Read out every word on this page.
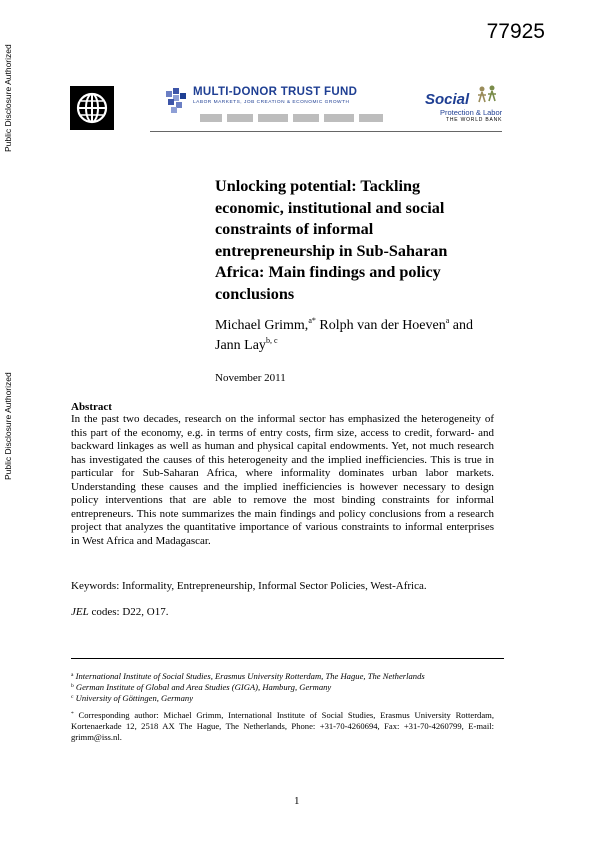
Public Disclosure Authorized
Public Disclosure Authorized
77925
MULTI-DONOR TRUST FUND
LABOR MARKETS, JOB CREATION & ECONOMIC GROWTH	Social
Protection & Labor
THE WORLD BANK
Unlocking potential: Tackling economic, institutional and social constraints of informal entrepreneurship in Sub-Saharan Africa: Main findings and policy conclusions
Michael Grimm,$^{a*}$ Rolph van der Hoeven$^a$ and
Jann Lay$^{b, c}$
November 2011
Abstract
In the past two decades, research on the informal sector has emphasized the heterogeneity of this part of the economy, e.g. in terms of entry costs, firm size, access to credit, forward- and backward linkages as well as human and physical capital endowments. Yet, not much research has investigated the causes of this heterogeneity and the implied inefficiencies. This is true in particular for Sub-Saharan Africa, where informality dominates urban labor markets. Understanding these causes and the implied inefficiencies is however necessary to design policy interventions that are able to remove the most binding constraints for informal entrepreneurs. This note summarizes the main findings and policy conclusions from a research project that analyzes the quantitative importance of various constraints to informal enterprises in West Africa and Madagascar.
Keywords: Informality, Entrepreneurship, Informal Sector Policies, West-Africa.
JEL codes: D22, O17.

$^a$ International Institute of Social Studies, Erasmus University Rotterdam, The Hague, The Netherlands

$^b$ German Institute of Global and Area Studies (GIGA), Hamburg, Germany

$^c$ University of Göttingen, Germany

* Corresponding author: Michael Grimm, International Institute of Social Studies, Erasmus University Rotterdam, Kortenaerkade 12, 2518 AX The Hague, The Netherlands, Phone: +31-70-4260694, Fax: +31-70-4260799, E-mail: grimm@iss.nl.

1
